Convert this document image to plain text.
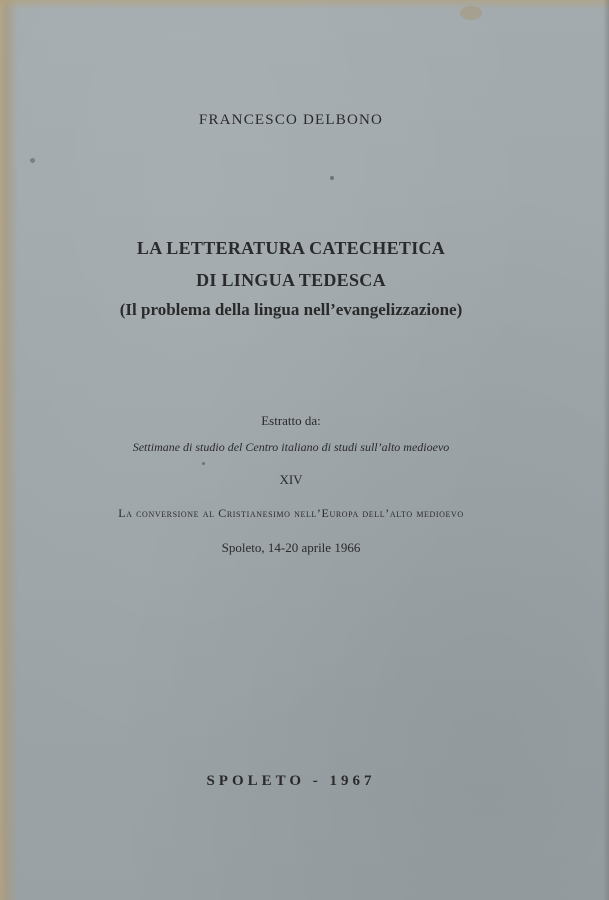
FRANCESCO DELBONO
LA LETTERATURA CATECHETICA
DI LINGUA TEDESCA
(Il problema della lingua nell’evangelizzazione)
Estratto da:
Settimane di studio del Centro italiano di studi sull’alto medioevo
XIV
La conversione al Cristianesimo nell’Europa dell’alto medioevo
Spoleto, 14-20 aprile 1966
SPOLETO - 1967
